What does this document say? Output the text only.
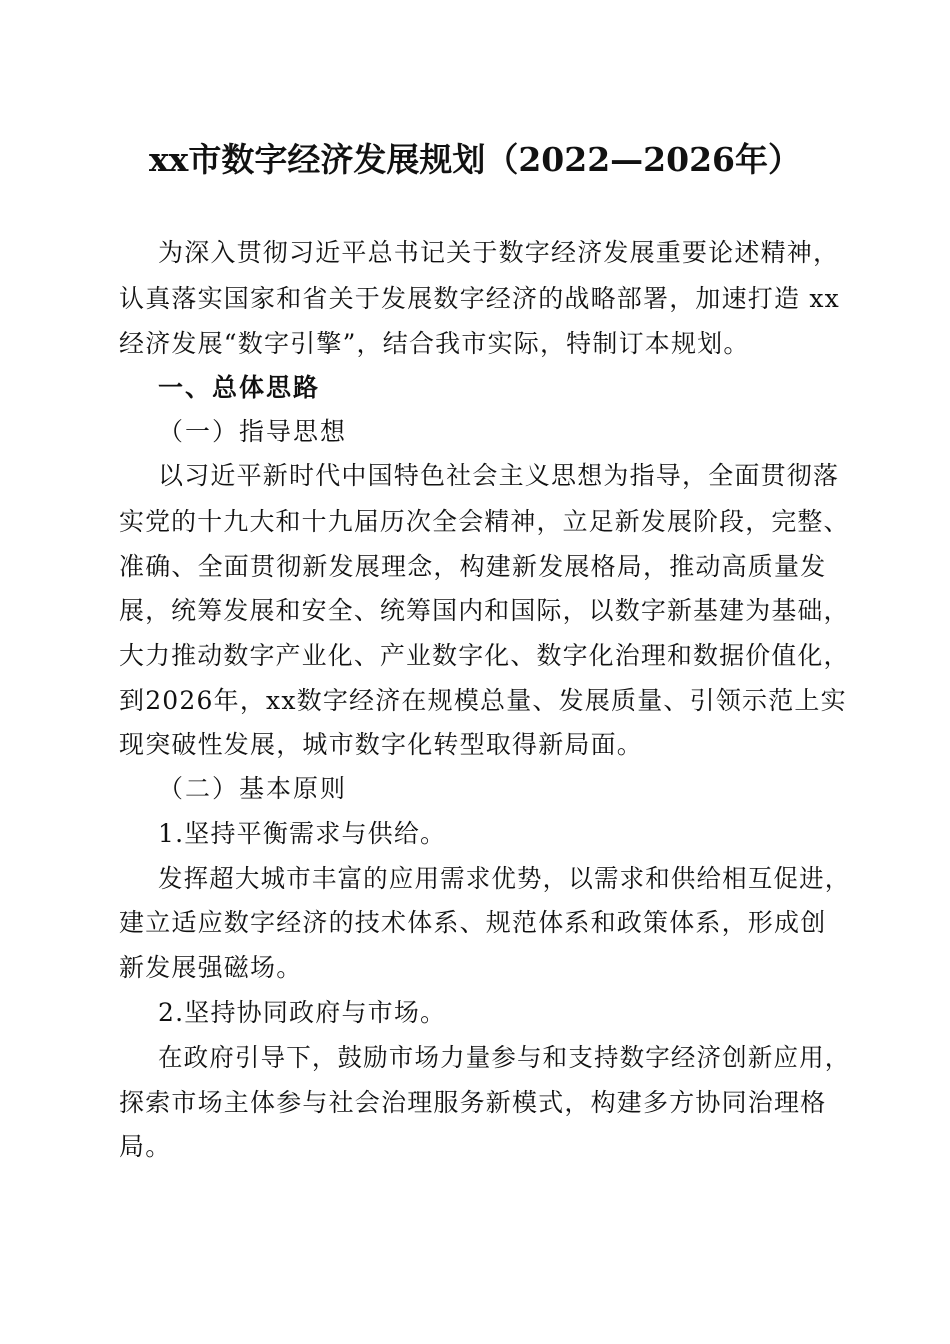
xx市数字经济发展规划（2022—2026年）
为深入贯彻习近平总书记关于数字经济发展重要论述精神，
认真落实国家和省关于发展数字经济的战略部署，加速打造 xx
经济发展“数字引擎”，结合我市实际，特制订本规划。
一、总体思路
（一）指导思想
以习近平新时代中国特色社会主义思想为指导，全面贯彻落
实党的十九大和十九届历次全会精神，立足新发展阶段，完整、
准确、全面贯彻新发展理念，构建新发展格局，推动高质量发
展，统筹发展和安全、统筹国内和国际，以数字新基建为基础，
大力推动数字产业化、产业数字化、数字化治理和数据价值化，
到2026年，xx数字经济在规模总量、发展质量、引领示范上实
现突破性发展，城市数字化转型取得新局面。
（二）基本原则
1.坚持平衡需求与供给。
发挥超大城市丰富的应用需求优势，以需求和供给相互促进，
建立适应数字经济的技术体系、规范体系和政策体系，形成创
新发展强磁场。
2.坚持协同政府与市场。
在政府引导下，鼓励市场力量参与和支持数字经济创新应用，
探索市场主体参与社会治理服务新模式，构建多方协同治理格
局。
